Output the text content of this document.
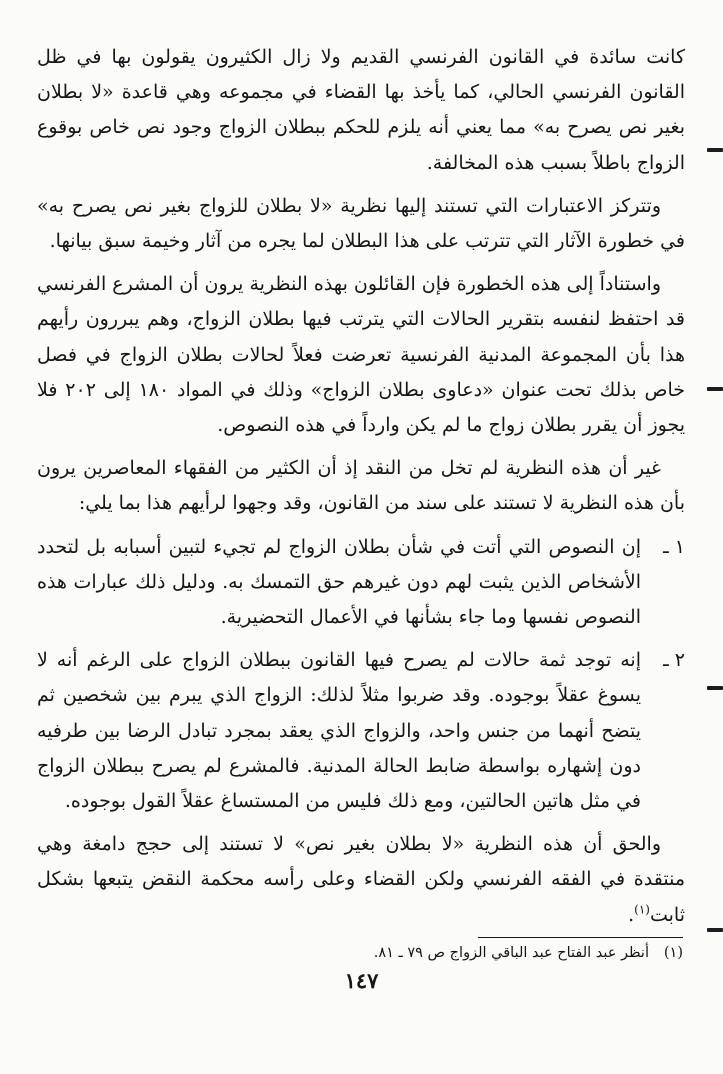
كانت سائدة في القانون الفرنسي القديم ولا زال الكثيرون يقولون بها في ظل القانون الفرنسي الحالي، كما يأخذ بها القضاء في مجموعه وهي قاعدة «لا بطلان بغير نص يصرح به» مما يعني أنه يلزم للحكم ببطلان الزواج وجود نص خاص بوقوع الزواج باطلاً بسبب هذه المخالفة.

وتتركز الاعتبارات التي تستند إليها نظرية «لا بطلان للزواج بغير نص يصرح به» في خطورة الآثار التي تترتب على هذا البطلان لما يجره من آثار وخيمة سبق بيانها.

واستناداً إلى هذه الخطورة فإن القائلون بهذه النظرية يرون أن المشرع الفرنسي قد احتفظ لنفسه بتقرير الحالات التي يترتب فيها بطلان الزواج، وهم يبررون رأيهم هذا بأن المجموعة المدنية الفرنسية تعرضت فعلاً لحالات بطلان الزواج في فصل خاص بذلك تحت عنوان «دعاوى بطلان الزواج» وذلك في المواد ١٨٠ إلى ٢٠٢ فلا يجوز أن يقرر بطلان زواج ما لم يكن وارداً في هذه النصوص.

غير أن هذه النظرية لم تخل من النقد إذ أن الكثير من الفقهاء المعاصرين يرون بأن هذه النظرية لا تستند على سند من القانون، وقد وجهوا لرأيهم هذا بما يلي:

١ ـ
إن النصوص التي أتت في شأن بطلان الزواج لم تجيء لتبين أسبابه بل لتحدد الأشخاص الذين يثبت لهم دون غيرهم حق التمسك به. ودليل ذلك عبارات هذه النصوص نفسها وما جاء بشأنها في الأعمال التحضيرية.
٢ ـ
إنه توجد ثمة حالات لم يصرح فيها القانون ببطلان الزواج على الرغم أنه لا يسوغ عقلاً بوجوده. وقد ضربوا مثلاً لذلك: الزواج الذي يبرم بين شخصين ثم يتضح أنهما من جنس واحد، والزواج الذي يعقد بمجرد تبادل الرضا بين طرفيه دون إشهاره بواسطة ضابط الحالة المدنية. فالمشرع لم يصرح ببطلان الزواج في مثل هاتين الحالتين، ومع ذلك فليس من المستساغ عقلاً القول بوجوده.

والحق أن هذه النظرية «لا بطلان بغير نص» لا تستند إلى حجج دامغة وهي منتقدة في الفقه الفرنسي ولكن القضاء وعلى رأسه محكمة النقض يتبعها بشكل ثابت$^{(١)}$.

(١)أنظر عبد الفتاح عبد الباقي الزواج ص ٧٩ ـ ٨١.
١٤٧
